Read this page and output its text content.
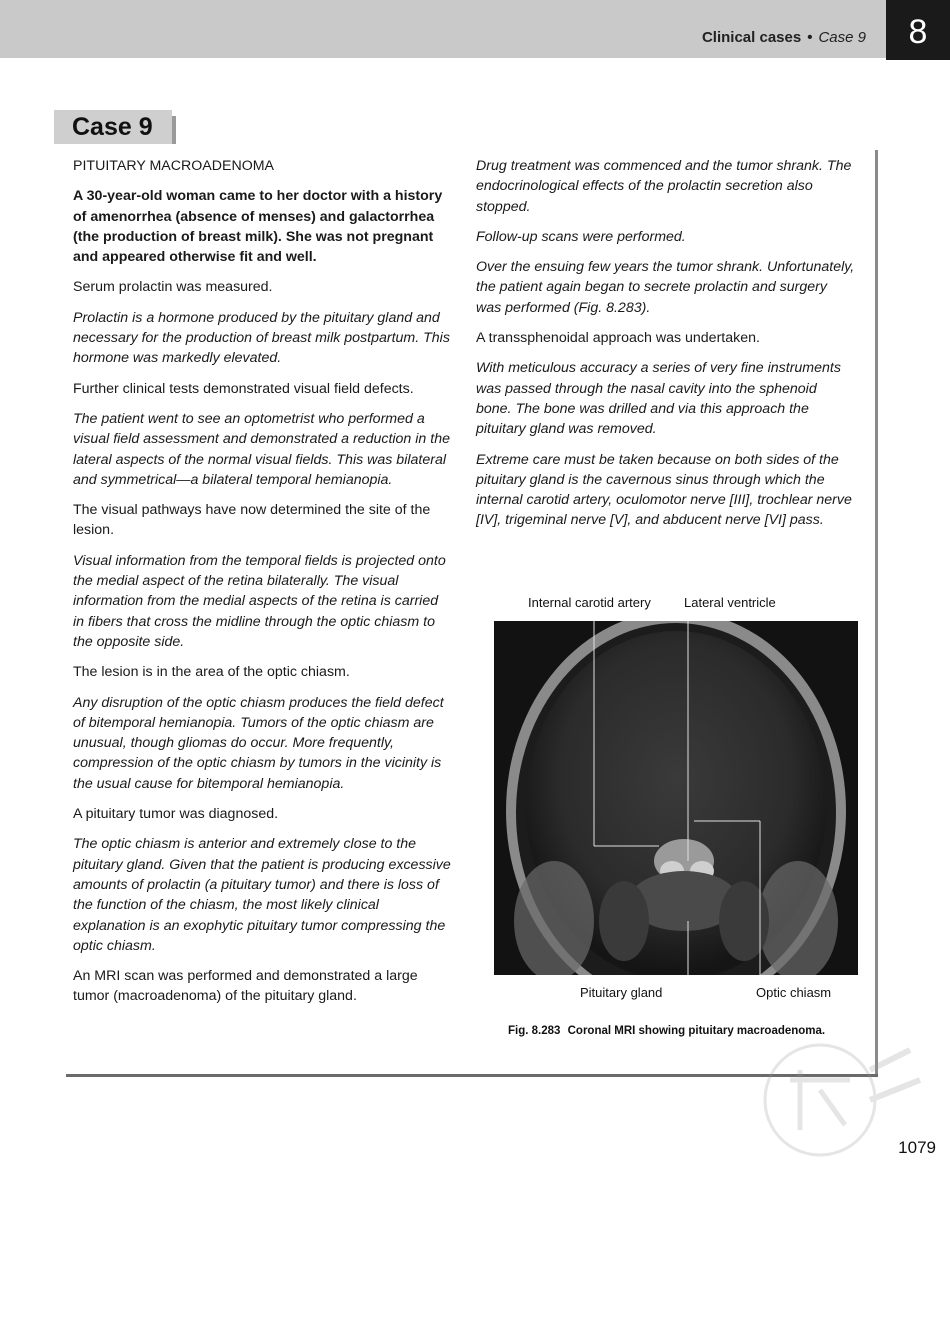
Clinical cases • Case 9	8
Case 9

PITUITARY MACROADENOMA

A 30-year-old woman came to her doctor with a history of amenorrhea (absence of menses) and galactorrhea (the production of breast milk). She was not pregnant and appeared otherwise fit and well.

Serum prolactin was measured.

Prolactin is a hormone produced by the pituitary gland and necessary for the production of breast milk postpartum. This hormone was markedly elevated.

Further clinical tests demonstrated visual field defects.

The patient went to see an optometrist who performed a visual field assessment and demonstrated a reduction in the lateral aspects of the normal visual fields. This was bilateral and symmetrical—a bilateral temporal hemianopia.

The visual pathways have now determined the site of the lesion.

Visual information from the temporal fields is projected onto the medial aspect of the retina bilaterally. The visual information from the medial aspects of the retina is carried in fibers that cross the midline through the optic chiasm to the opposite side.

The lesion is in the area of the optic chiasm.

Any disruption of the optic chiasm produces the field defect of bitemporal hemianopia. Tumors of the optic chiasm are unusual, though gliomas do occur. More frequently, compression of the optic chiasm by tumors in the vicinity is the usual cause for bitemporal hemianopia.

A pituitary tumor was diagnosed.

The optic chiasm is anterior and extremely close to the pituitary gland. Given that the patient is producing excessive amounts of prolactin (a pituitary tumor) and there is loss of the function of the chiasm, the most likely clinical explanation is an exophytic pituitary tumor compressing the optic chiasm.

An MRI scan was performed and demonstrated a large tumor (macroadenoma) of the pituitary gland.

Drug treatment was commenced and the tumor shrank. The endocrinological effects of the prolactin secretion also stopped.

Follow-up scans were performed.

Over the ensuing few years the tumor shrank. Unfortunately, the patient again began to secrete prolactin and surgery was performed (Fig. 8.283).

A transsphenoidal approach was undertaken.

With meticulous accuracy a series of very fine instruments was passed through the nasal cavity into the sphenoid bone. The bone was drilled and via this approach the pituitary gland was removed.

Extreme care must be taken because on both sides of the pituitary gland is the cavernous sinus through which the internal carotid artery, oculomotor nerve [III], trochlear nerve [IV], trigeminal nerve [V], and abducent nerve [VI] pass.

Internal carotid artery	Lateral ventricle
Pituitary gland	Optic chiasm
Fig. 8.283 Coronal MRI showing pituitary macroadenoma.
1079
